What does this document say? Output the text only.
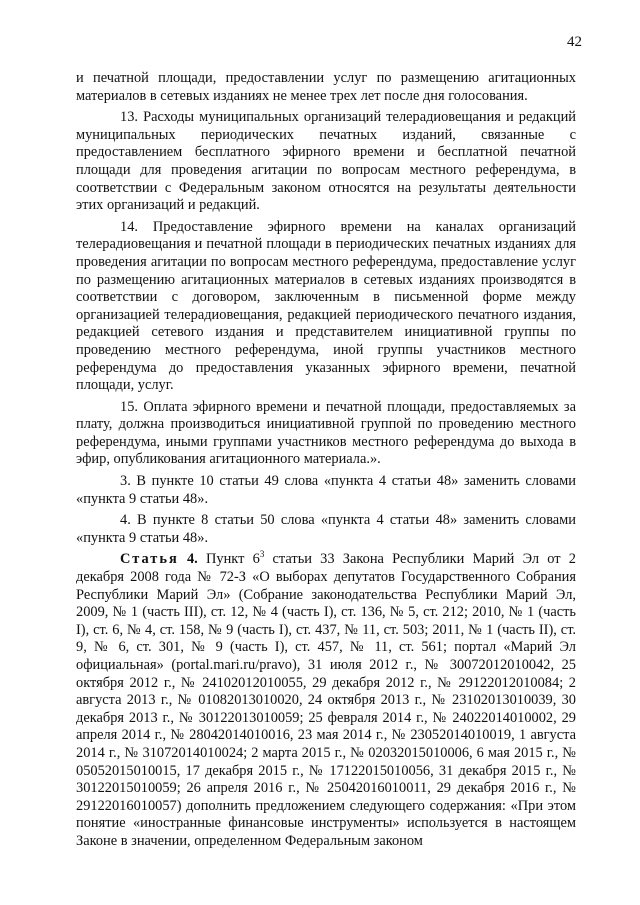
42

и печатной площади, предоставлении услуг по размещению агитационных материалов в сетевых изданиях не менее трех лет после дня голосования.

13. Расходы муниципальных организаций телерадиовещания и редакций муниципальных периодических печатных изданий, связанные с предоставлением бесплатного эфирного времени и бесплатной печатной площади для проведения агитации по вопросам местного референдума, в соответствии с Федеральным законом относятся на результаты деятельности этих организаций и редакций.

14. Предоставление эфирного времени на каналах организаций телерадиовещания и печатной площади в периодических печатных изданиях для проведения агитации по вопросам местного референдума, предоставление услуг по размещению агитационных материалов в сетевых изданиях производятся в соответствии с договором, заключенным в письменной форме между организацией телерадиовещания, редакцией периодического печатного издания, редакцией сетевого издания и представителем инициативной группы по проведению местного референдума, иной группы участников местного референдума до предоставления указанных эфирного времени, печатной площади, услуг.

15. Оплата эфирного времени и печатной площади, предоставляемых за плату, должна производиться инициативной группой по проведению местного референдума, иными группами участников местного референдума до выхода в эфир, опубликования агитационного материала.».

3. В пункте 10 статьи 49 слова «пункта 4 статьи 48» заменить словами «пункта 9 статьи 48».

4. В пункте 8 статьи 50 слова «пункта 4 статьи 48» заменить словами «пункта 9 статьи 48».

Статья 4. Пункт $6^3$ статьи 33 Закона Республики Марий Эл от 2 декабря 2008 года № 72-З «О выборах депутатов Государственного Собрания Республики Марий Эл» (Собрание законодательства Республики Марий Эл, 2009, № 1 (часть III), ст. 12, № 4 (часть I), ст. 136, № 5, ст. 212; 2010, № 1 (часть I), ст. 6, № 4, ст. 158, № 9 (часть I), ст. 437, № 11, ст. 503; 2011, № 1 (часть II), ст. 9, № 6, ст. 301, № 9 (часть I), ст. 457, № 11, ст. 561; портал «Марий Эл официальная» (portal.mari.ru/pravo), 31 июля 2012 г., № 30072012010042, 25 октября 2012 г., № 24102012010055, 29 декабря 2012 г., № 29122012010084; 2 августа 2013 г., № 01082013010020, 24 октября 2013 г., № 23102013010039, 30 декабря 2013 г., № 30122013010059; 25 февраля 2014 г., № 24022014010002, 29 апреля 2014 г., № 28042014010016, 23 мая 2014 г., № 23052014010019, 1 августа 2014 г., № 31072014010024; 2 марта 2015 г., № 02032015010006, 6 мая 2015 г., № 05052015010015, 17 декабря 2015 г., № 17122015010056, 31 декабря 2015 г., № 30122015010059; 26 апреля 2016 г., № 25042016010011, 29 декабря 2016 г., № 29122016010057) дополнить предложением следующего содержания: «При этом понятие «иностранные финансовые инструменты» используется в настоящем Законе в значении, определенном Федеральным законом
